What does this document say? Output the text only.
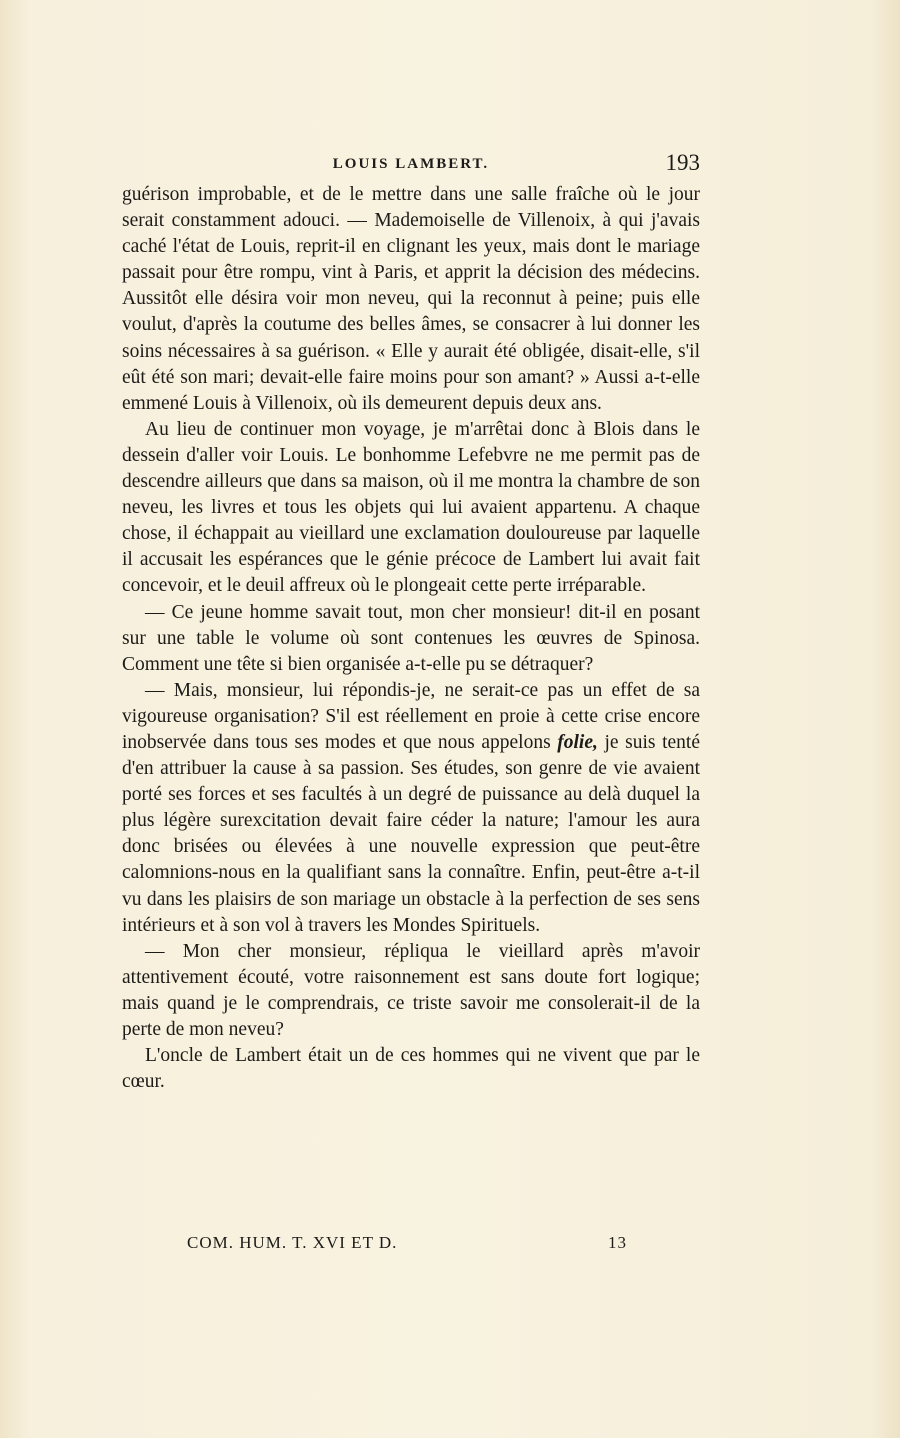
LOUIS LAMBERT.	193

guérison improbable, et de le mettre dans une salle fraîche où le jour serait constamment adouci. — Mademoiselle de Villenoix, à qui j'avais caché l'état de Louis, reprit-il en clignant les yeux, mais dont le mariage passait pour être rompu, vint à Paris, et apprit la décision des médecins. Aussitôt elle désira voir mon neveu, qui la reconnut à peine; puis elle voulut, d'après la coutume des belles âmes, se consacrer à lui donner les soins nécessaires à sa guérison. « Elle y aurait été obligée, disait-elle, s'il eût été son mari; devait-elle faire moins pour son amant? » Aussi a-t-elle emmené Louis à Villenoix, où ils demeurent depuis deux ans.

Au lieu de continuer mon voyage, je m'arrêtai donc à Blois dans le dessein d'aller voir Louis. Le bonhomme Lefebvre ne me permit pas de descendre ailleurs que dans sa maison, où il me montra la chambre de son neveu, les livres et tous les objets qui lui avaient appartenu. A chaque chose, il échappait au vieillard une exclamation douloureuse par laquelle il accusait les espérances que le génie précoce de Lambert lui avait fait concevoir, et le deuil affreux où le plongeait cette perte irréparable.

— Ce jeune homme savait tout, mon cher monsieur! dit-il en posant sur une table le volume où sont contenues les œuvres de Spinosa. Comment une tête si bien organisée a-t-elle pu se détraquer?

— Mais, monsieur, lui répondis-je, ne serait-ce pas un effet de sa vigoureuse organisation? S'il est réellement en proie à cette crise encore inobservée dans tous ses modes et que nous appelons folie, je suis tenté d'en attribuer la cause à sa passion. Ses études, son genre de vie avaient porté ses forces et ses facultés à un degré de puissance au delà duquel la plus légère surexcitation devait faire céder la nature; l'amour les aura donc brisées ou élevées à une nouvelle expression que peut-être calomnions-nous en la qualifiant sans la connaître. Enfin, peut-être a-t-il vu dans les plaisirs de son mariage un obstacle à la perfection de ses sens intérieurs et à son vol à travers les Mondes Spirituels.

— Mon cher monsieur, répliqua le vieillard après m'avoir attentivement écouté, votre raisonnement est sans doute fort logique; mais quand je le comprendrais, ce triste savoir me consolerait-il de la perte de mon neveu?

L'oncle de Lambert était un de ces hommes qui ne vivent que par le cœur.

COM. HUM. T. XVI ET D.	13
